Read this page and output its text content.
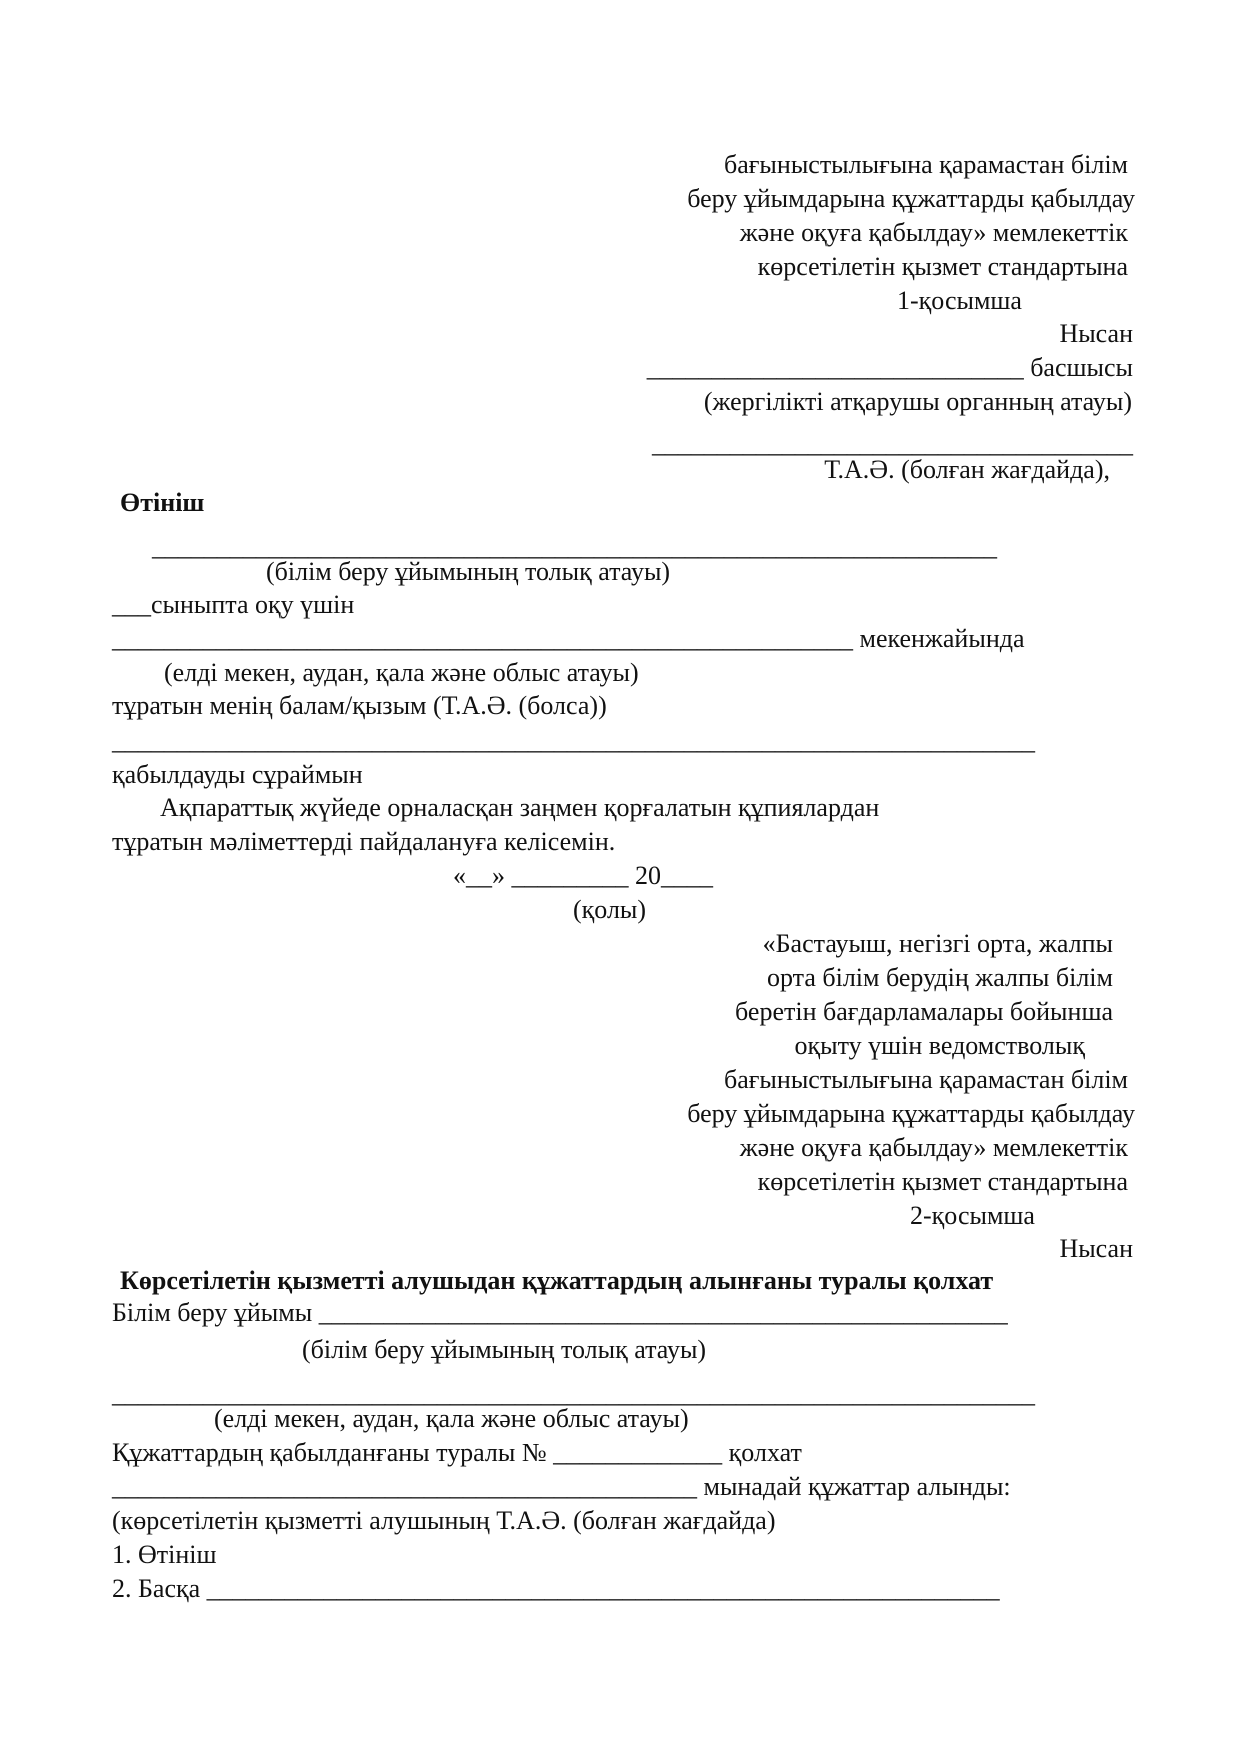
бағыныстылығына қарамастан білім
беру ұйымдарына құжаттарды қабылдау
және оқуға қабылдау» мемлекеттік
көрсетілетін қызмет стандартына
1-қосымша
Нысан
_____________________________ басшысы
(жергілікті атқарушы органның атауы)
_____________________________________
Т.А.Ә. (болған жағдайда),
Өтініш
_________________________________________________________________
(білім беру ұйымының толық атауы)
___сыныпта оқу үшін
_________________________________________________________ мекенжайында
(елді мекен, аудан, қала және облыс атауы)
тұратын менің балам/қызым (Т.А.Ә. (болса))
_______________________________________________________________________
қабылдауды сұраймын
Ақпараттық жүйеде орналасқан заңмен қорғалатын құпиялардан
тұратын мәліметтерді пайдалануға келісемін.
«__» _________ 20____
(қолы)
«Бастауыш, негізгі орта, жалпы
орта білім берудің жалпы білім
беретін бағдарламалары бойынша
оқыту үшін ведомстволық
бағыныстылығына қарамастан білім
беру ұйымдарына құжаттарды қабылдау
және оқуға қабылдау» мемлекеттік
көрсетілетін қызмет стандартына
2-қосымша
Нысан
Көрсетілетін қызметті алушыдан құжаттардың алынғаны туралы қолхат
Білім беру ұйымы _____________________________________________________
(білім беру ұйымының толық атауы)
_______________________________________________________________________
(елді мекен, аудан, қала және облыс атауы)
Құжаттардың қабылданғаны туралы № _____________ қолхат
_____________________________________________ мынадай құжаттар алынды:
(көрсетілетін қызметті алушының Т.А.Ә. (болған жағдайда)
1. Өтініш
2. Басқа _____________________________________________________________
